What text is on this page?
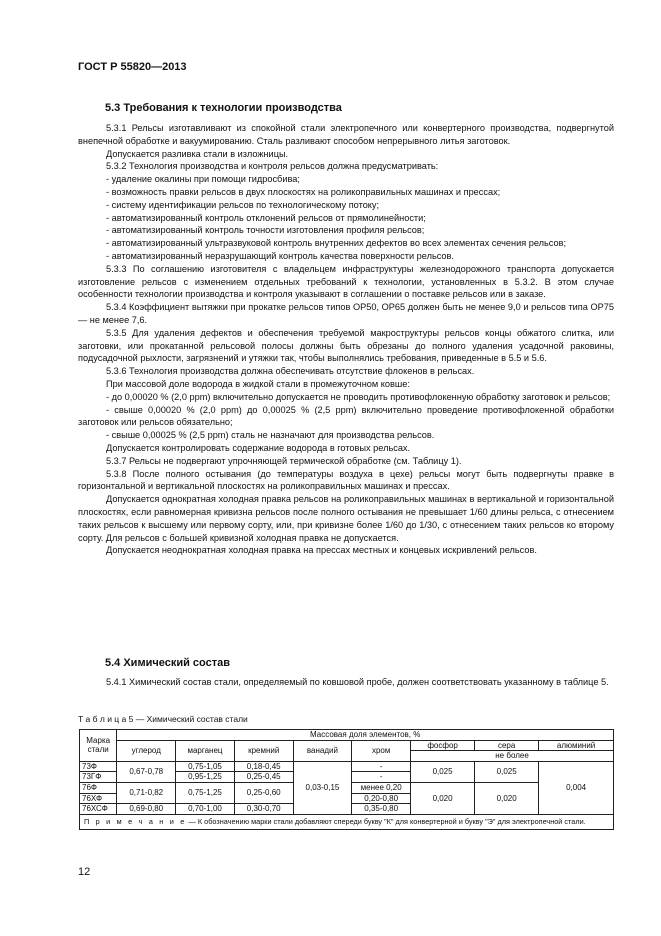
ГОСТ Р 55820—2013
5.3 Требования к технологии производства

5.3.1 Рельсы изготавливают из спокойной стали электропечного или конвертерного производства, подвергнутой внепечной обработке и вакуумированию. Сталь разливают способом непрерывного литья заготовок.

Допускается разливка стали в изложницы.

5.3.2 Технология производства и контроля рельсов должна предусматривать:

- удаление окалины при помощи гидросбива;

- возможность правки рельсов в двух плоскостях на роликоправильных машинах и прессах;

- систему идентификации рельсов по технологическому потоку;

- автоматизированный контроль отклонений рельсов от прямолинейности;

- автоматизированный контроль точности изготовления профиля рельсов;

- автоматизированный ультразвуковой контроль внутренних дефектов во всех элементах сечения рельсов;

- автоматизированный неразрушающий контроль качества поверхности рельсов.

5.3.3 По соглашению изготовителя с владельцем инфраструктуры железнодорожного транспорта допускается изготовление рельсов с изменением отдельных требований к технологии, установленных в 5.3.2. В этом случае особенности технологии производства и контроля указывают в соглашении о поставке рельсов или в заказе.

5.3.4 Коэффициент вытяжки при прокатке рельсов типов ОР50, ОР65 должен быть не менее 9,0 и рельсов типа ОР75 — не менее 7,6.

5.3.5 Для удаления дефектов и обеспечения требуемой макроструктуры рельсов концы обжатого слитка, или заготовки, или прокатанной рельсовой полосы должны быть обрезаны до полного удаления усадочной раковины, подусадочной рыхлости, загрязнений и утяжки так, чтобы выполнялись требования, приведенные в 5.5 и 5.6.

5.3.6 Технология производства должна обеспечивать отсутствие флокенов в рельсах.

При массовой доле водорода в жидкой стали в промежуточном ковше:

- до 0,00020 % (2,0 ppm) включительно допускается не проводить противофлокенную обработку заготовок и рельсов;

- свыше 0,00020 % (2,0 ppm) до 0,00025 % (2,5 ppm) включительно проведение противофлокенной обработки заготовок или рельсов обязательно;

- свыше 0,00025 % (2,5 ppm) сталь не назначают для производства рельсов.

Допускается контролировать содержание водорода в готовых рельсах.

5.3.7 Рельсы не подвергают упрочняющей термической обработке (см. Таблицу 1).

5.3.8 После полного остывания (до температуры воздуха в цехе) рельсы могут быть подвергнуты правке в горизонтальной и вертикальной плоскостях на роликоправильных машинах и прессах.

Допускается однократная холодная правка рельсов на роликоправильных машинах в вертикальной и горизонтальной плоскостях, если равномерная кривизна рельсов после полного остывания не превышает 1/60 длины рельса, с отнесением таких рельсов к высшему или первому сорту, или, при кривизне более 1/60 до 1/30, с отнесением таких рельсов ко второму сорту. Для рельсов с большей кривизной холодная правка не допускается.

Допускается неоднократная холодная правка на прессах местных и концевых искривлений рельсов.

5.4 Химический состав

5.4.1 Химический состав стали, определяемый по ковшовой пробе, должен соответствовать указанному в таблице 5.

Т а б л и ц а 5 — Химический состав стали
Марка стали	Массовая доля элементов, %							
	углерод	марганец	кремний	ванадий	хром	фосфор	сера	алюминий
						не более		
73Ф	0,67-0,78	0,75-1,05	0,18-0,45	0,03-0,15	-	0,025	0,025	0,004
73ГФ		0,95-1,25	0,25-0,45		-			
76Ф	0,71-0,82	0,75-1,25	0,25-0,60		менее 0,20	0,020	0,020	
76ХФ					0,20-0,80			
76ХСФ	0,69-0,80	0,70-1,00	0,30-0,70		0,35-0,80			
П р и м е ч а н и е — К обозначению марки стали добавляют спереди букву "К" для конвертерной и букву "Э" для электропечной стали.								
12
